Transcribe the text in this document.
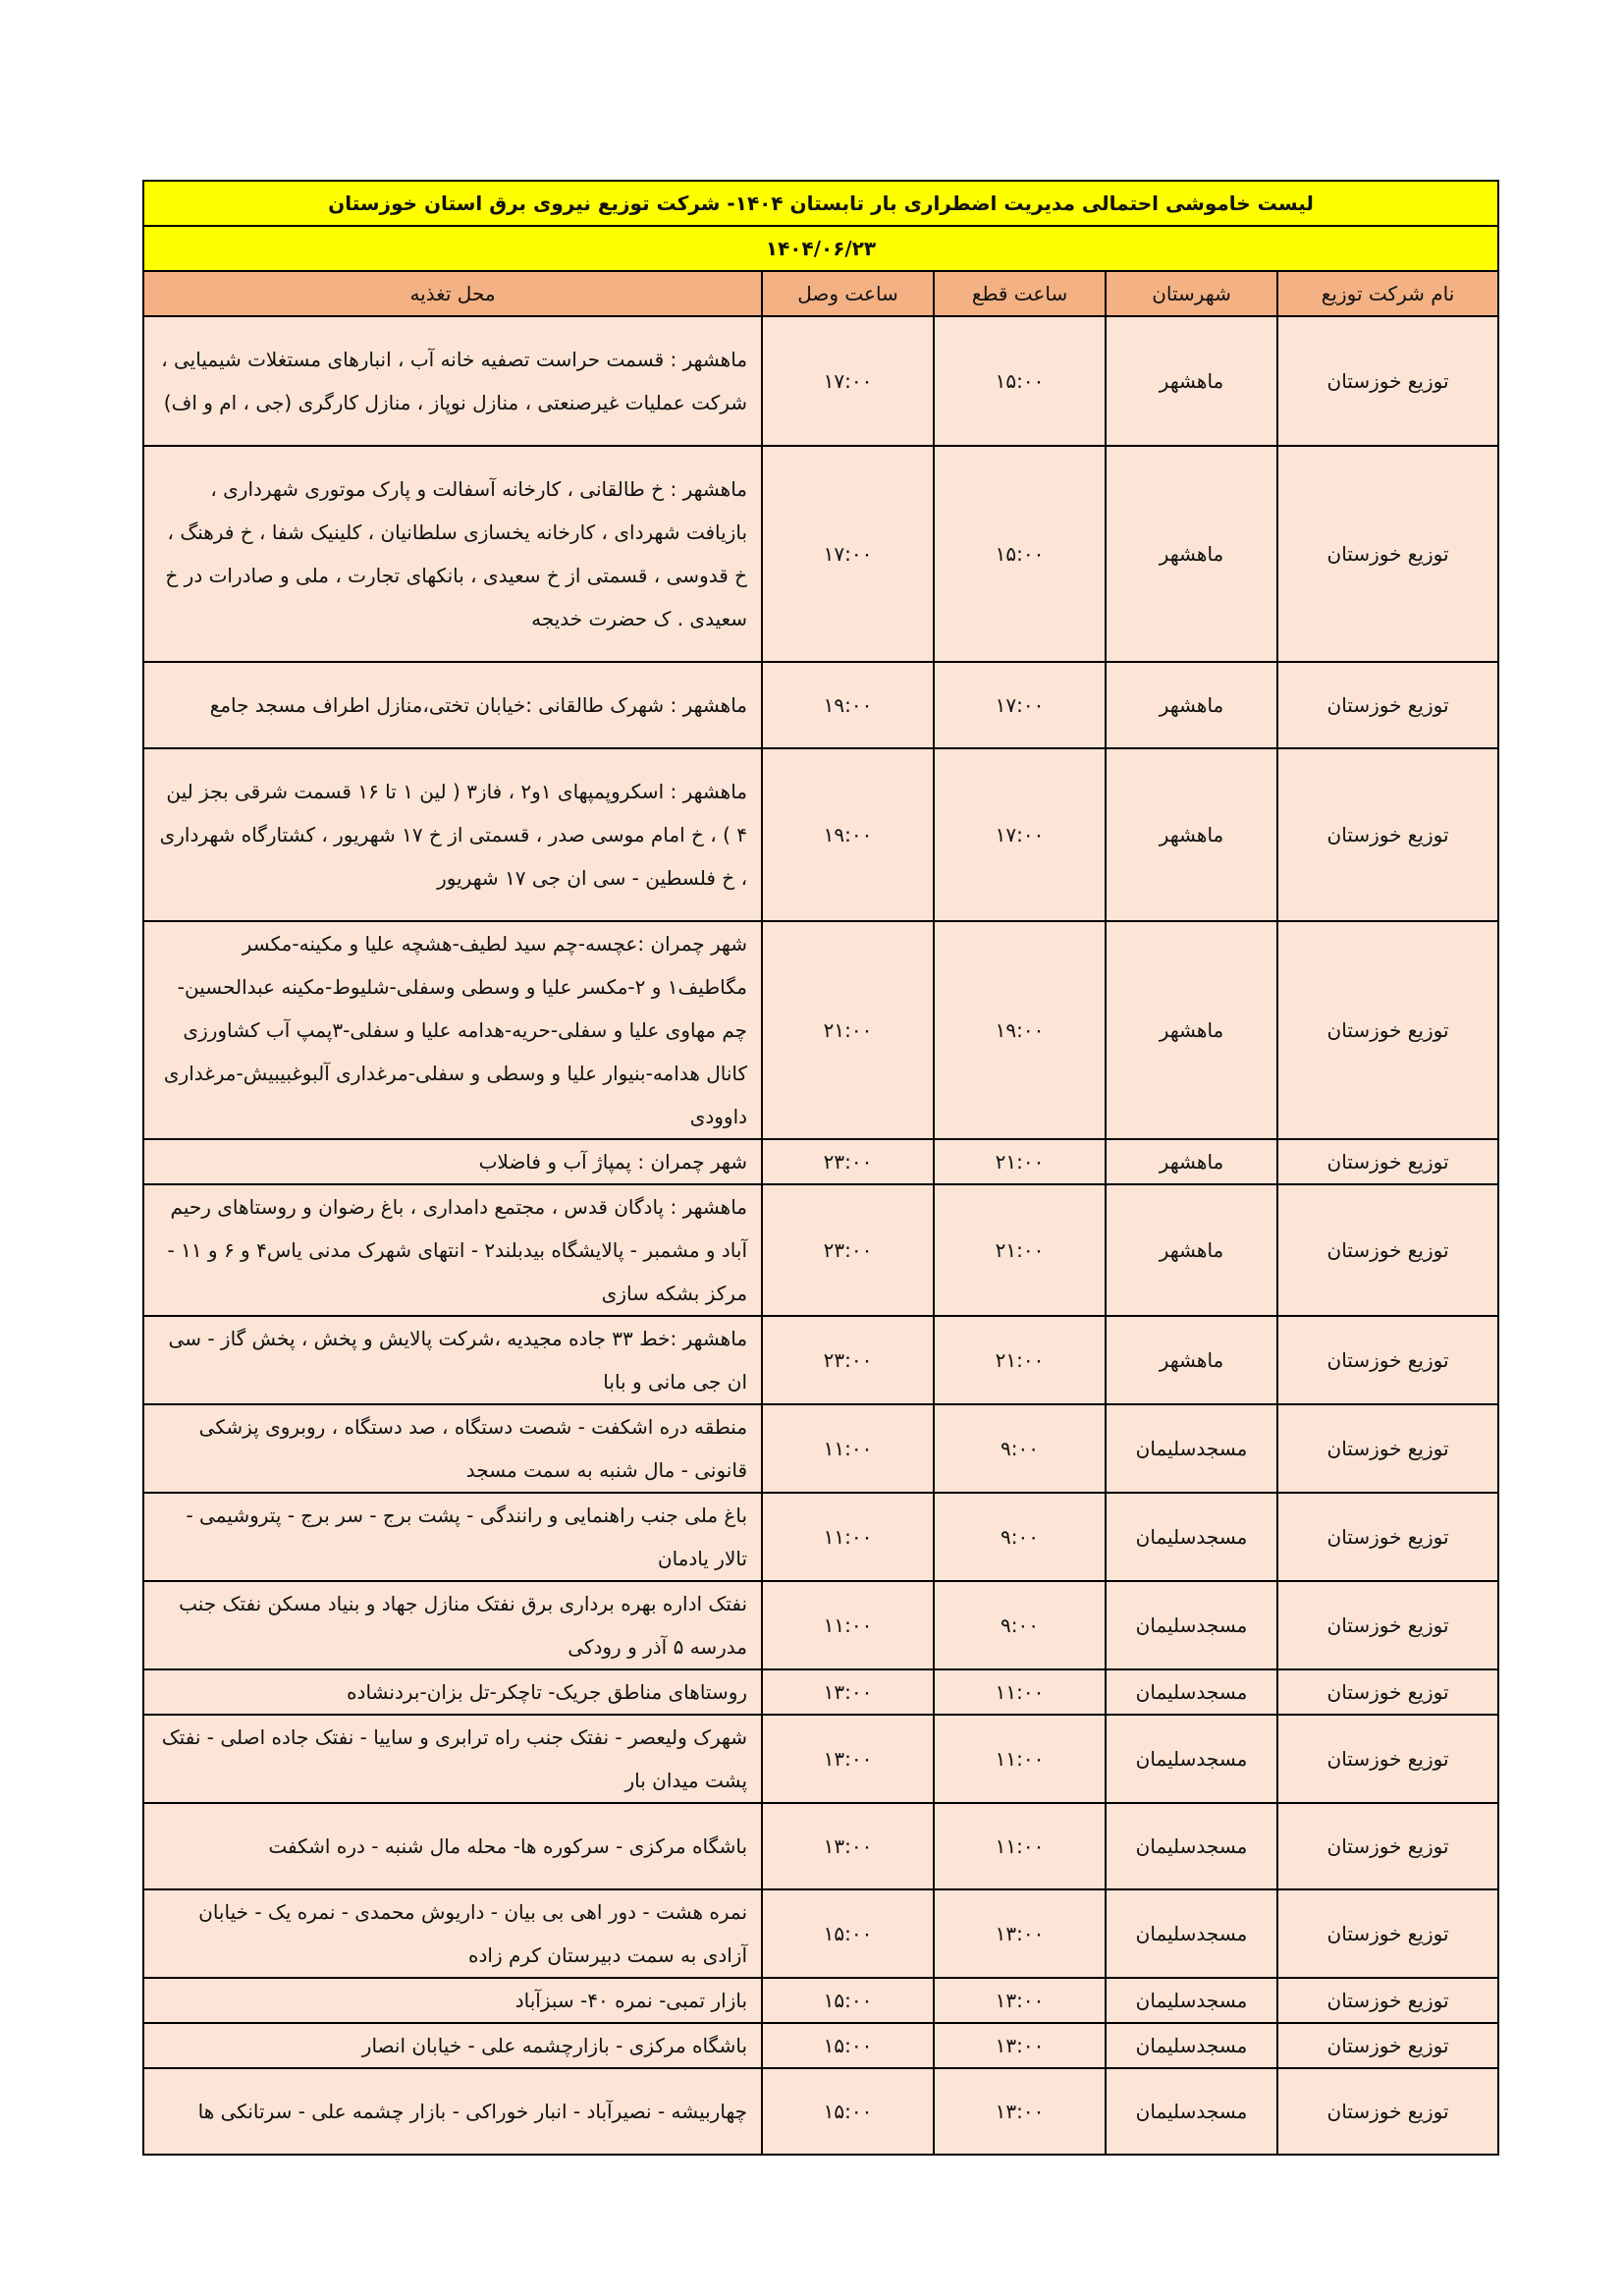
لیست خاموشی احتمالی مدیریت اضطراری بار تابستان ۱۴۰۴- شرکت توزیع نیروی برق استان خوزستان				
۱۴۰۴/۰۶/۲۳				
نام شرکت توزیع	شهرستان	ساعت قطع	ساعت وصل	محل تغذیه
توزیع خوزستان	ماهشهر	۱۵:۰۰	۱۷:۰۰	ماهشهر : قسمت حراست تصفیه خانه آب ، انبارهای مستغلات شیمیایی ، شرکت عملیات غیرصنعتی ، منازل نوپاز ، منازل کارگری (جی ، ام و اف)
توزیع خوزستان	ماهشهر	۱۵:۰۰	۱۷:۰۰	ماهشهر : خ طالقانی ، کارخانه آسفالت و پارک موتوری شهرداری ، بازیافت شهردای ، کارخانه یخسازی سلطانیان ، کلینیک شفا ، خ فرهنگ ، خ قدوسی ، قسمتی از خ سعیدی ، بانکهای تجارت ، ملی و صادرات در خ سعیدی . ک حضرت خدیجه
توزیع خوزستان	ماهشهر	۱۷:۰۰	۱۹:۰۰	ماهشهر : شهرک طالقانی :خیابان تختی،منازل اطراف مسجد جامع
توزیع خوزستان	ماهشهر	۱۷:۰۰	۱۹:۰۰	ماهشهر : اسکروپمپهای ۱و۲ ، فاز۳ ( لین ۱ تا ۱۶ قسمت شرقی بجز لین ۴ ) ، خ امام موسی صدر ، قسمتی از خ ۱۷ شهریور ، کشتارگاه شهرداری ، خ فلسطین - سی ان جی ۱۷ شهریور
توزیع خوزستان	ماهشهر	۱۹:۰۰	۲۱:۰۰	شهر چمران :عچسه-چم سید لطیف-هشچه علیا و مکینه-مکسر مگاطیف۱ و ۲-مکسر علیا و وسطی وسفلی-شلیوط-مکینه عبدالحسین-چم مهاوی علیا و سفلی-حریه-هدامه علیا و سفلی-۳پمپ آب کشاورزی کانال هدامه-بنیوار علیا و وسطی و سفلی-مرغداری آلبوغبیبیش-مرغداری داوودی
توزیع خوزستان	ماهشهر	۲۱:۰۰	۲۳:۰۰	شهر چمران : پمپاژ آب و فاضلاب
توزیع خوزستان	ماهشهر	۲۱:۰۰	۲۳:۰۰	ماهشهر : پادگان قدس ، مجتمع دامداری ، باغ رضوان و روستاهای رحیم آباد و مشمبر - پالایشگاه بیدبلند۲ - انتهای شهرک مدنی یاس۴ و ۶ و ۱۱ - مرکز بشکه سازی
توزیع خوزستان	ماهشهر	۲۱:۰۰	۲۳:۰۰	ماهشهر :خط ۳۳ جاده مجیدیه ،شرکت پالایش و پخش ، پخش گاز - سی ان جی مانی و بابا
توزیع خوزستان	مسجدسلیمان	۹:۰۰	۱۱:۰۰	منطقه دره اشکفت - شصت دستگاه ، صد دستگاه ، روبروی پزشکی قانونی - مال شنبه به سمت مسجد
توزیع خوزستان	مسجدسلیمان	۹:۰۰	۱۱:۰۰	باغ ملی جنب راهنمایی و رانندگی - پشت برج - سر برج - پتروشیمی - تالار یادمان
توزیع خوزستان	مسجدسلیمان	۹:۰۰	۱۱:۰۰	نفتک اداره بهره برداری برق نفتک منازل جهاد و بنیاد مسکن نفتک جنب مدرسه ۵ آذر و رودکی
توزیع خوزستان	مسجدسلیمان	۱۱:۰۰	۱۳:۰۰	روستاهای مناطق جریک- تاچکر-تل بزان-بردنشاده
توزیع خوزستان	مسجدسلیمان	۱۱:۰۰	۱۳:۰۰	شهرک ولیعصر - نفتک جنب راه ترابری و ساییا - نفتک جاده اصلی - نفتک پشت میدان بار
توزیع خوزستان	مسجدسلیمان	۱۱:۰۰	۱۳:۰۰	باشگاه مرکزی - سرکوره ها- محله مال شنبه - دره اشکفت
توزیع خوزستان	مسجدسلیمان	۱۳:۰۰	۱۵:۰۰	نمره هشت - دور اهی بی بیان - داریوش محمدی - نمره یک - خیابان آزادی به سمت دبیرستان کرم زاده
توزیع خوزستان	مسجدسلیمان	۱۳:۰۰	۱۵:۰۰	بازار تمبی- نمره ۴۰- سبزآباد
توزیع خوزستان	مسجدسلیمان	۱۳:۰۰	۱۵:۰۰	باشگاه مرکزی - بازارچشمه علی - خیابان انصار
توزیع خوزستان	مسجدسلیمان	۱۳:۰۰	۱۵:۰۰	چهاربیشه - نصیرآباد - انبار خوراکی - بازار چشمه علی - سرتانکی ها
